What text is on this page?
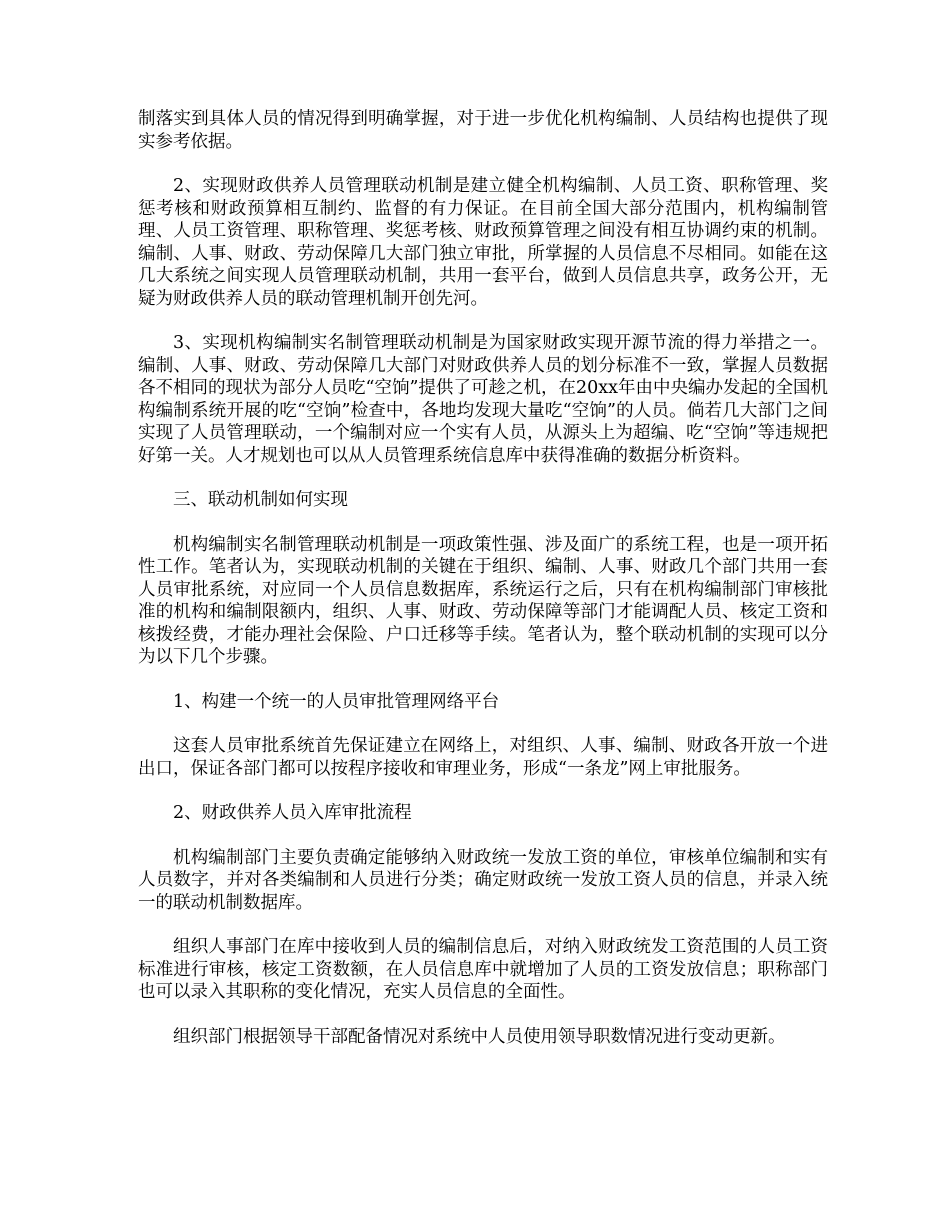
制落实到具体人员的情况得到明确掌握，对于进一步优化机构编制、人员结构也提供了现实参考依据。

2、实现财政供养人员管理联动机制是建立健全机构编制、人员工资、职称管理、奖惩考核和财政预算相互制约、监督的有力保证。在目前全国大部分范围内，机构编制管理、人员工资管理、职称管理、奖惩考核、财政预算管理之间没有相互协调约束的机制。编制、人事、财政、劳动保障几大部门独立审批，所掌握的人员信息不尽相同。如能在这几大系统之间实现人员管理联动机制，共用一套平台，做到人员信息共享，政务公开，无疑为财政供养人员的联动管理机制开创先河。

3、实现机构编制实名制管理联动机制是为国家财政实现开源节流的得力举措之一。编制、人事、财政、劳动保障几大部门对财政供养人员的划分标准不一致，掌握人员数据各不相同的现状为部分人员吃“空饷”提供了可趁之机，在20xx年由中央编办发起的全国机构编制系统开展的吃“空饷”检查中，各地均发现大量吃“空饷”的人员。倘若几大部门之间实现了人员管理联动，一个编制对应一个实有人员，从源头上为超编、吃“空饷”等违规把好第一关。人才规划也可以从人员管理系统信息库中获得准确的数据分析资料。

三、联动机制如何实现

机构编制实名制管理联动机制是一项政策性强、涉及面广的系统工程，也是一项开拓性工作。笔者认为，实现联动机制的关键在于组织、编制、人事、财政几个部门共用一套人员审批系统，对应同一个人员信息数据库，系统运行之后，只有在机构编制部门审核批准的机构和编制限额内，组织、人事、财政、劳动保障等部门才能调配人员、核定工资和核拨经费，才能办理社会保险、户口迁移等手续。笔者认为，整个联动机制的实现可以分为以下几个步骤。

1、构建一个统一的人员审批管理网络平台

这套人员审批系统首先保证建立在网络上，对组织、人事、编制、财政各开放一个进出口，保证各部门都可以按程序接收和审理业务，形成“一条龙”网上审批服务。

2、财政供养人员入库审批流程

机构编制部门主要负责确定能够纳入财政统一发放工资的单位，审核单位编制和实有人员数字，并对各类编制和人员进行分类；确定财政统一发放工资人员的信息，并录入统一的联动机制数据库。

组织人事部门在库中接收到人员的编制信息后，对纳入财政统发工资范围的人员工资标准进行审核，核定工资数额，在人员信息库中就增加了人员的工资发放信息；职称部门也可以录入其职称的变化情况，充实人员信息的全面性。

组织部门根据领导干部配备情况对系统中人员使用领导职数情况进行变动更新。
